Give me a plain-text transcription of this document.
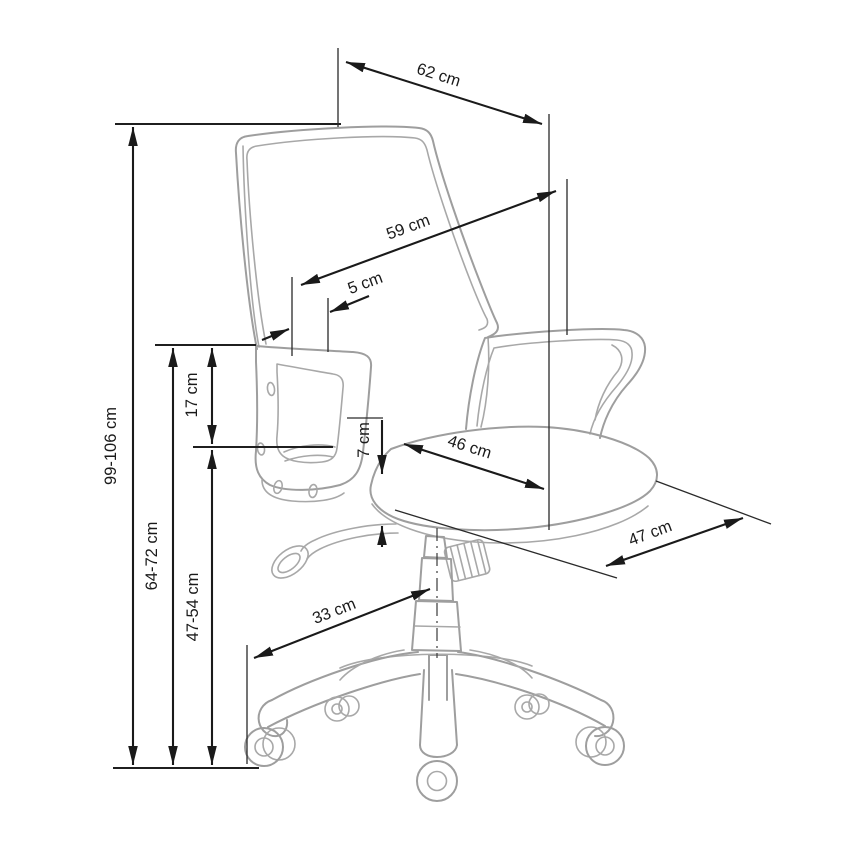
99-106 cm
64-72 cm
17 cm
47-54 cm
62 cm
59 cm
5 cm
7 cm	46 cm
47 cm
33 cm
